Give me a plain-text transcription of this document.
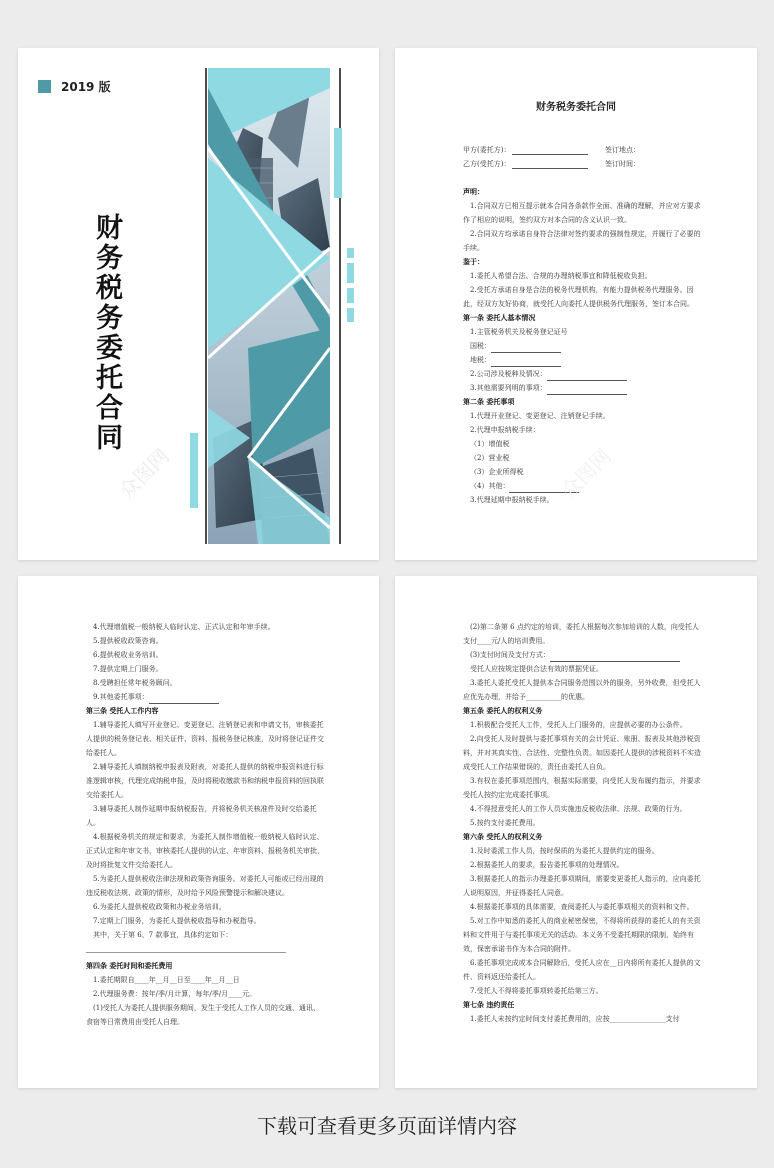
2019 版
财务税务委托合同
众图网
财务税务委托合同
甲方(委托方)：	签订地点：
乙方(受托方)：	签订时间：

声明：

1.合同双方已相互提示就本合同各条款作全面、准确的理解，并应对方要求作了相应的说明，签约双方对本合同的含义认识一致。

2.合同双方均承诺自身符合法律对签约要求的强制性规定，并履行了必要的手续。

鉴于：

1.委托人希望合法、合规的办理纳税事宜和降低税收负担。

2.受托方承诺自身是合法的税务代理机构，有能力提供税务代理服务。因此，经双方友好协商，就受托人向委托人提供税务代理服务，签订本合同。

第一条 委托人基本情况

1.主管税务机关及税务登记证号

国税：

地税：

2.公司涉及税种及情况：

3.其他需要列明的事项：

第二条 委托事项

1.代理开业登记、变更登记、注销登记手续。

2.代理申报纳税手续：

（1）增值税

（2）营业税

（3）企业所得税

（4）其他：

3.代理延期申报纳税手续。 众图网

4.代理增值税一般纳税人临时认定、正式认定和年审手续。

5.提供税收政策咨询。

6.提供税收业务培训。

7.提供定期上门服务。

8.受聘担任常年税务顾问。

9.其他委托事项：

第三条 受托人工作内容

1.辅导委托人填写开业登记、变更登记、注销登记表和申请文书，审核委托人提供的税务登记表、相关证件、资料，报税务登记核准，及时将登记证件交给委托人。

2.辅导委托人填制纳税申报表及附表，对委托人提供的纳税申报资料进行标准逻辑审核，代理完成纳税申报，及时将税收缴款书和纳税申报资料的回执联交给委托人。

3.辅导委托人制作延期申报纳税报告，并将税务机关核准件及时交给委托人。

4.根据税务机关的规定和要求，为委托人制作增值税一般纳税人临时认定、正式认定和年审文书，审核委托人提供的认定、年审资料，报税务机关审批，及时将批复文件交给委托人。

5.为委托人提供税收法律法规和政策咨询服务。对委托人可能或已经出现的违反税收法规、政策的情形，及时给予风险预警提示和解决建议。

6.为委托人提供税收政策和办税业务培训。

7.定期上门服务，为委托人提供税收指导和办税指导。

其中，关于第 6、7 款事宜，具体约定如下：

第四条 委托时间和委托费用

1.委托期限自____年__月__日至____年__月__日

2.代理服务费：按年/季/月计算，每年/季/月____元。

(1)受托人为委托人提供服务期间，发生于受托人工作人员的交通、通讯、食宿等日常费用由受托人自理。

(2)第二条第 6 点约定的培训，委托人根据每次参加培训的人数，向受托人支付____元/人的培训费用。

(3)支付时间及支付方式：

受托人应按规定提供合法有效的票据凭证。

3.委托人委托受托人提供本合同服务范围以外的服务，另外收费，但受托人应优先办理，并给予__________的优惠。

第五条 委托人的权利义务

1.积极配合受托人工作，受托人上门服务的，应提供必要的办公条件。

2.向受托人及时提供与委托事项有关的会计凭证、账册、报表及其他涉税资料，并对其真实性、合法性、完整性负责。如因委托人提供的涉税资料不实造成受托人工作结果错误的，责任由委托人自负。

3.有权在委托事项范围内，根据实际需要，向受托人发布履约指示，并要求受托人按约定完成委托事项。

4.不得授意受托人的工作人员实施违反税收法律、法规、政策的行为。

5.按约支付委托费用。

第六条 受托人的权利义务

1.及时委派工作人员，按时保质的为委托人提供约定的服务。

2.根据委托人的要求，报告委托事项的处理情况。

3.根据委托人的指示办理委托事项期间，需要变更委托人指示的，应向委托人说明原因，并征得委托人同意。

4.根据委托事项的具体需要，查阅委托人与委托事项相关的资料和文件。

5.对工作中知悉的委托人的商业秘密保密，不得将所获得的委托人的有关资料和文件用于与委托事项无关的活动。本义务不受委托期限的限制，始终有效，保密承诺书作为本合同的附件。

6.委托事项完成或本合同解除后，受托人应在__日内将所有委托人提供的文件、资料返还给委托人。

7.受托人不得将委托事项转委托给第三方。

第七条 违约责任

1.委托人未按约定时间支付委托费用的，应按________________支付

下载可查看更多页面详情内容
